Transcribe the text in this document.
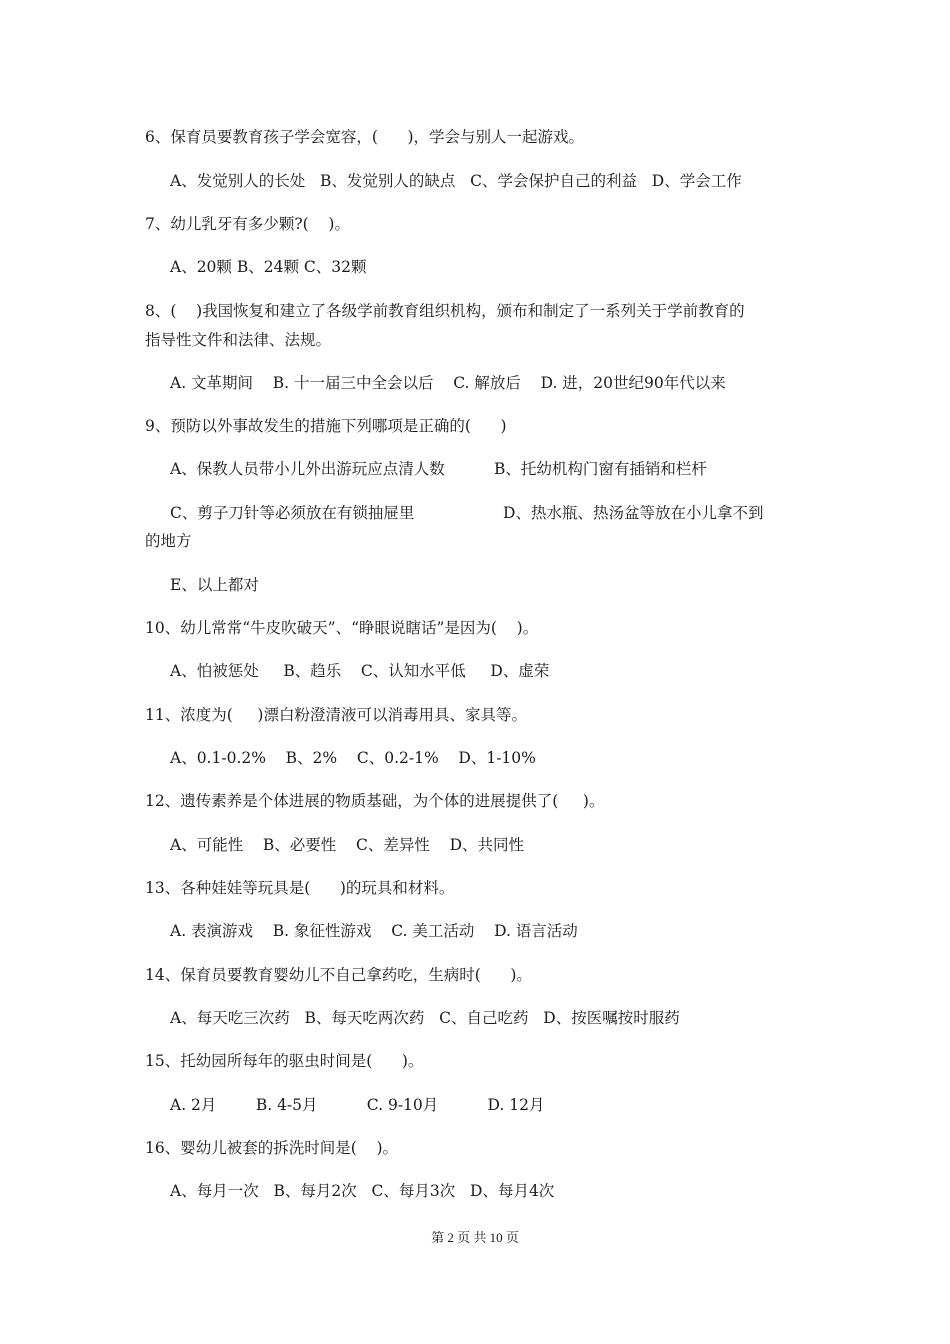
6、保育员要教育孩子学会宽容，(      )，学会与别人一起游戏。
A、发觉别人的长处   B、发觉别人的缺点   C、学会保护自己的利益   D、学会工作
7、幼儿乳牙有多少颗?(    )。
A、20颗 B、24颗 C、32颗
8、(    )我国恢复和建立了各级学前教育组织机构，颁布和制定了一系列关于学前教育的
指导性文件和法律、法规。
A. 文革期间    B. 十一届三中全会以后    C. 解放后    D. 进，20世纪90年代以来
9、预防以外事故发生的措施下列哪项是正确的(      )
A、保教人员带小儿外出游玩应点清人数          B、托幼机构门窗有插销和栏杆
C、剪子刀针等必须放在有锁抽屉里                  D、热水瓶、热汤盆等放在小儿拿不到
的地方
E、以上都对
10、幼儿常常“牛皮吹破天”、“睁眼说瞎话”是因为(    )。
A、怕被惩处     B、趋乐    C、认知水平低     D、虚荣
11、浓度为(     )漂白粉澄清液可以消毒用具、家具等。
A、0.1-0.2%    B、2%    C、0.2-1%    D、1-10%
12、遗传素养是个体进展的物质基础，为个体的进展提供了(     )。
A、可能性    B、必要性    C、差异性    D、共同性
13、各种娃娃等玩具是(      )的玩具和材料。
A. 表演游戏    B. 象征性游戏    C. 美工活动    D. 语言活动
14、保育员要教育婴幼儿不自己拿药吃，生病时(      )。
A、每天吃三次药   B、每天吃两次药   C、自己吃药   D、按医嘱按时服药
15、托幼园所每年的驱虫时间是(      )。
A. 2月        B. 4-5月          C. 9-10月          D. 12月
16、婴幼儿被套的拆洗时间是(    )。
A、每月一次   B、每月2次   C、每月3次   D、每月4次
第 2 页 共 10 页
